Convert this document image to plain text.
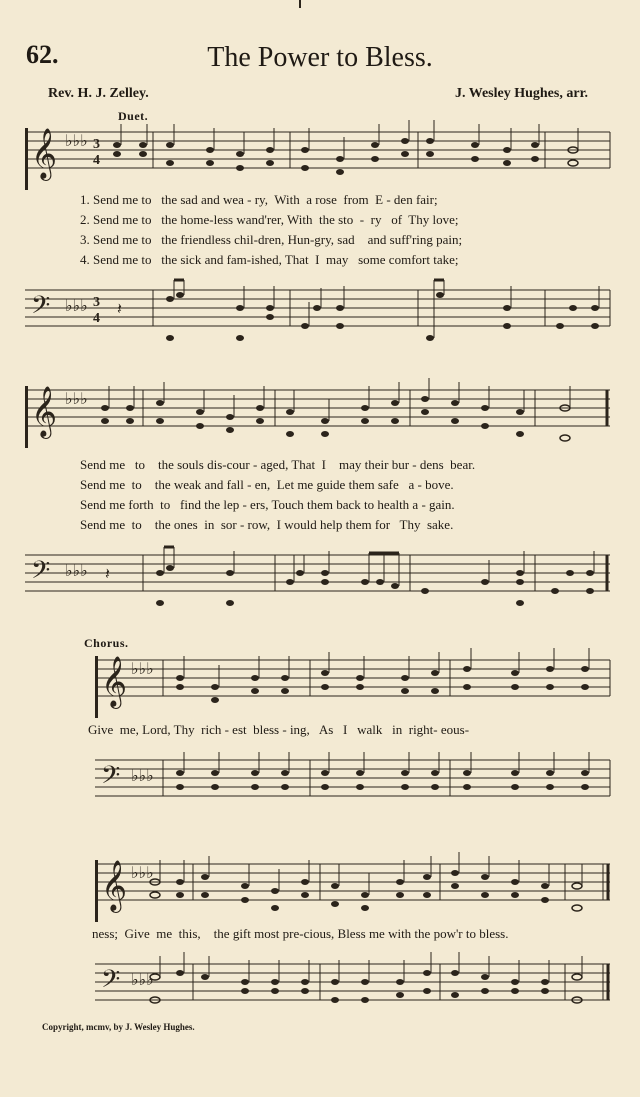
62.	The Power to Bless.
Rev. H. J. Zelley.	J. Wesley Hughes, arr.
Duet.
𝄞 ♭♭♭ 3
4
1. Send me to   the sad and wea - ry,  With  a rose  from  E - den fair;
2. Send me to   the home-less wand'rer, With  the sto  -  ry   of  Thy love;
3. Send me to   the friendless chil-dren, Hun-gry, sad    and suff'ring pain;
4. Send me to   the sick and fam-ished, That  I  may   some comfort take;
𝄢 ♭♭♭ 3
4
𝄽
𝄞 ♭♭♭
Send me   to    the souls dis-cour - aged, That  I    may their bur - dens  bear.
Send me  to    the weak and fall - en,  Let me guide them safe   a - bove.
Send me forth  to   find the lep - ers, Touch them back to health a - gain.
Send me  to    the ones  in  sor - row,  I would help them for   Thy  sake.
𝄢 ♭♭♭ 𝄽
Chorus.
𝄞 ♭♭♭
Give  me, Lord, Thy  rich - est  bless - ing,   As   I   walk   in  right- eous-
𝄢 ♭♭♭
𝄞 ♭♭♭
ness;  Give  me  this,    the gift most pre-cious, Bless me with the pow'r to bless.
𝄢 ♭♭♭
Copyright, mcmv, by J. Wesley Hughes.
